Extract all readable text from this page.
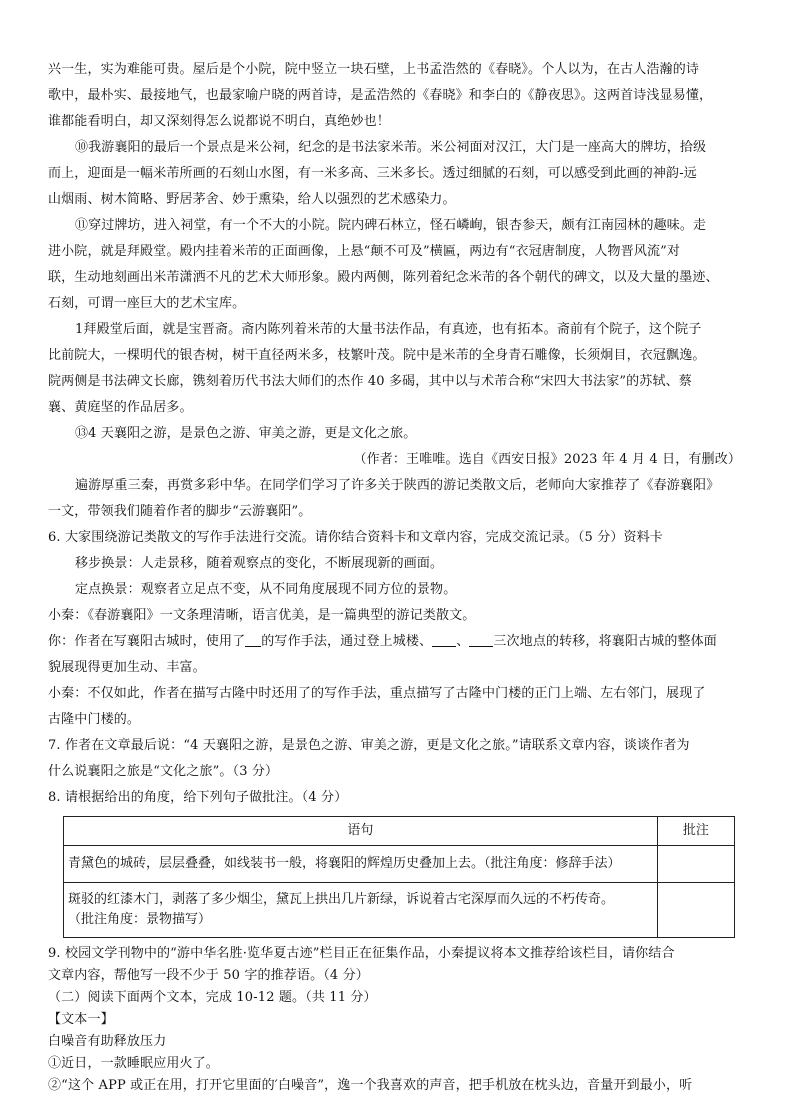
兴一生，实为难能可贵。屋后是个小院，院中竖立一块石壁，上书孟浩然的《春晓》。个人以为，在古人浩瀚的诗
歌中，最朴实、最接地气，也最家喻户晓的两首诗，是孟浩然的《春晓》和李白的《静夜思》。这两首诗浅显易懂，
谁都能看明白，却又深刻得怎么说都说不明白，真绝妙也！
⑩我游襄阳的最后一个景点是米公祠，纪念的是书法家米芾。米公祠面对汉江，大门是一座高大的牌坊，拾级
而上，迎面是一幅米芾所画的石刻山水图，有一米多高、三米多长。透过细腻的石刻，可以感受到此画的神韵-远
山烟雨、树木简略、野居茅舍、妙于熏染，给人以强烈的艺术感染力。
⑪穿过牌坊，进入祠堂，有一个不大的小院。院内碑石林立，怪石嶙峋，银杏参天，颇有江南园林的趣味。走
进小院，就是拜殿堂。殿内挂着米芾的正面画像，上悬“颠不可及”横匾，两边有“衣冠唐制度，人物晋风流”对
联，生动地刻画出米芾潇洒不凡的艺术大师形象。殿内两侧，陈列着纪念米芾的各个朝代的碑文，以及大量的墨迹、
石刻，可谓一座巨大的艺术宝库。
1拜殿堂后面，就是宝晋斋。斋内陈列着米芾的大量书法作品，有真迹，也有拓本。斋前有个院子，这个院子
比前院大，一棵明代的银杏树，树干直径两米多，枝繁叶茂。院中是米芾的全身青石雕像，长须炯目，衣冠飘逸。
院两侧是书法碑文长廊，镌刻着历代书法大师们的杰作 40 多碣，其中以与术芾合称“宋四大书法家”的苏轼、蔡
襄、黄庭坚的作品居多。
⑬4 天襄阳之游，是景色之游、审美之游，更是文化之旅。
（作者：王唯唯。选自《西安日报》2023 年 4 月 4 日，有删改）
遍游厚重三秦，再赏多彩中华。在同学们学习了许多关于陕西的游记类散文后，老师向大家推荐了《春游襄阳》
一文，带领我们随着作者的脚步“云游襄阳”。
6. 大家围绕游记类散文的写作手法进行交流。请你结合资料卡和文章内容，完成交流记录。（5 分）资料卡
移步换景：人走景移，随着观察点的变化，不断展现新的画面。
定点换景：观察者立足点不变，从不同角度展现不同方位的景物。
小秦：《春游襄阳》一文条理清晰，语言优美，是一篇典型的游记类散文。
你：作者在写襄阳古城时，使用了 的写作手法，通过登上城楼、 、 三次地点的转移，将襄阳古城的整体面
貌展现得更加生动、丰富。
小秦：不仅如此，作者在描写古隆中时还用了的写作手法，重点描写了古隆中门楼的正门上端、左右邻门，展现了
古隆中门楼的。
7. 作者在文章最后说：“4 天襄阳之游，是景色之游、审美之游，更是文化之旅。”请联系文章内容，谈谈作者为
什么说襄阳之旅是“文化之旅”。（3 分）
8. 请根据给出的角度，给下列句子做批注。（4 分）
语句	批注
青黛色的城砖，层层叠叠，如线装书一般，将襄阳的辉煌历史叠加上去。（批注角度：修辞手法）	

斑驳的红漆木门，剥落了多少烟尘，黛瓦上拱出几片新绿，诉说着古宅深厚而久远的不朽传奇。
（批注角度：景物描写）	

9. 校园文学刊物中的“游中华名胜·览华夏古迹”栏目正在征集作品，小秦提议将本文推荐给该栏目，请你结合
文章内容，帮他写一段不少于 50 字的推荐语。（4 分）
（二）阅读下面两个文本，完成 10-12 题。（共 11 分）
【文本一】
白噪音有助释放压力
①近日，一款睡眠应用火了。
②“这个 APP 或正在用，打开它里面的′白噪音”，逸一个我喜欢的声音，把手机放在枕头边，音量开到最小，听
